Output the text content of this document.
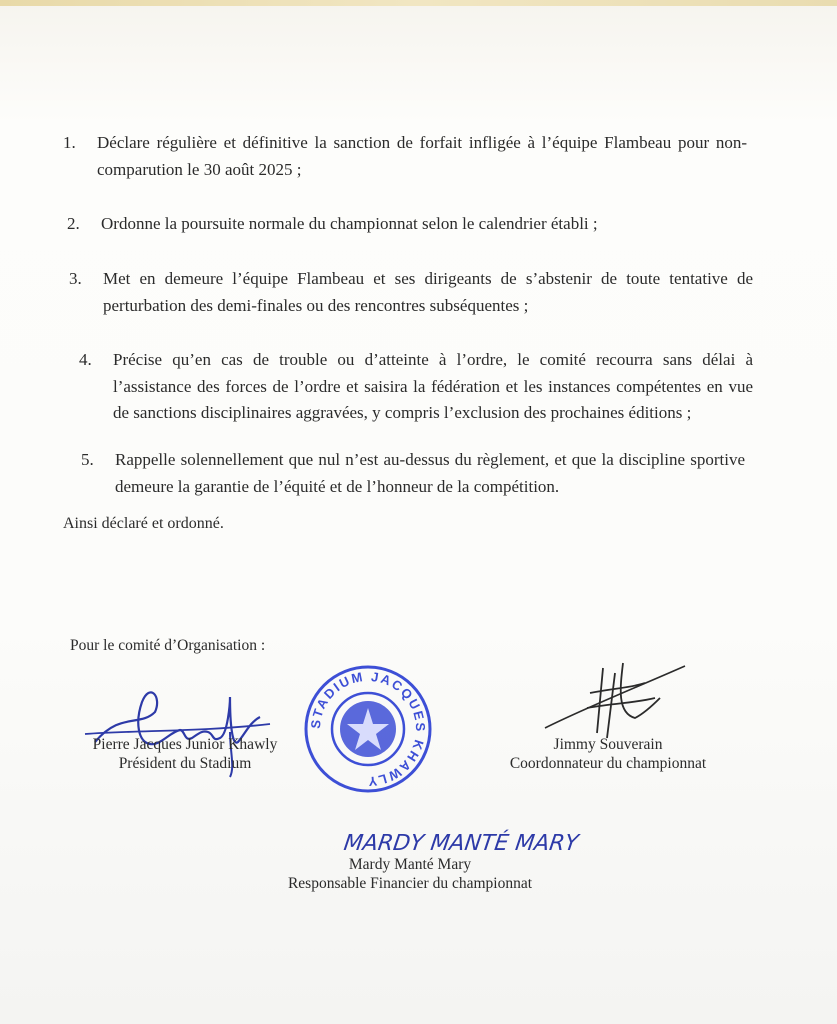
1. Déclare régulière et définitive la sanction de forfait infligée à l’équipe Flambeau pour non-comparution le 30 août 2025 ;

2. Ordonne la poursuite normale du championnat selon le calendrier établi ;

3. Met en demeure l’équipe Flambeau et ses dirigeants de s’abstenir de toute tentative de perturbation des demi-finales ou des rencontres subséquentes ;

4. Précise qu’en cas de trouble ou d’atteinte à l’ordre, le comité recourra sans délai à l’assistance des forces de l’ordre et saisira la fédération et les instances compétentes en vue de sanctions disciplinaires aggravées, y compris l’exclusion des prochaines éditions ;

5. Rappelle solennellement que nul n’est au-dessus du règlement, et que la discipline sportive demeure la garantie de l’équité et de l’honneur de la compétition.

Ainsi déclaré et ordonné.
Pour le comité d’Organisation :
Pierre Jacques Junior Khawly
Président du Stadium
STADIUM JACQUES KHAWLY
Jimmy Souverain
Coordonnateur du championnat
MARDY MANTÉ MARY
Mardy Manté Mary
Responsable Financier du championnat
